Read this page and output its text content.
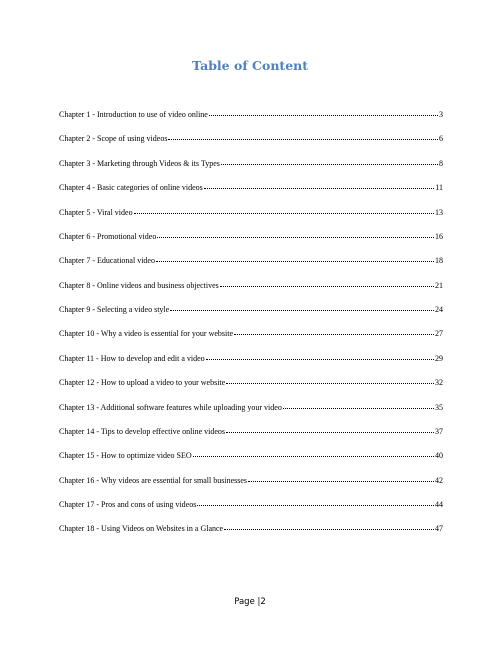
Table of Content
Chapter 1 - Introduction to use of video online	3
Chapter 2 - Scope of using videos	6
Chapter 3 - Marketing through Videos & its Types	8
Chapter 4 - Basic categories of online videos	11
Chapter 5 - Viral video	13
Chapter 6 - Promotional video	16
Chapter 7 - Educational video	18
Chapter 8 - Online videos and business objectives	21
Chapter 9 - Selecting a video style	24
Chapter 10 - Why a video is essential for your website	27
Chapter 11 - How to develop and edit a video	29
Chapter 12 - How to upload a video to your website	32
Chapter 13 - Additional software features while uploading your video	35
Chapter 14 - Tips to develop effective online videos	37
Chapter 15 - How to optimize video SEO	40
Chapter 16 - Why videos are essential for small businesses	42
Chapter 17 - Pros and cons of using videos	44
Chapter 18 - Using Videos on Websites in a Glance	47
Page |2
